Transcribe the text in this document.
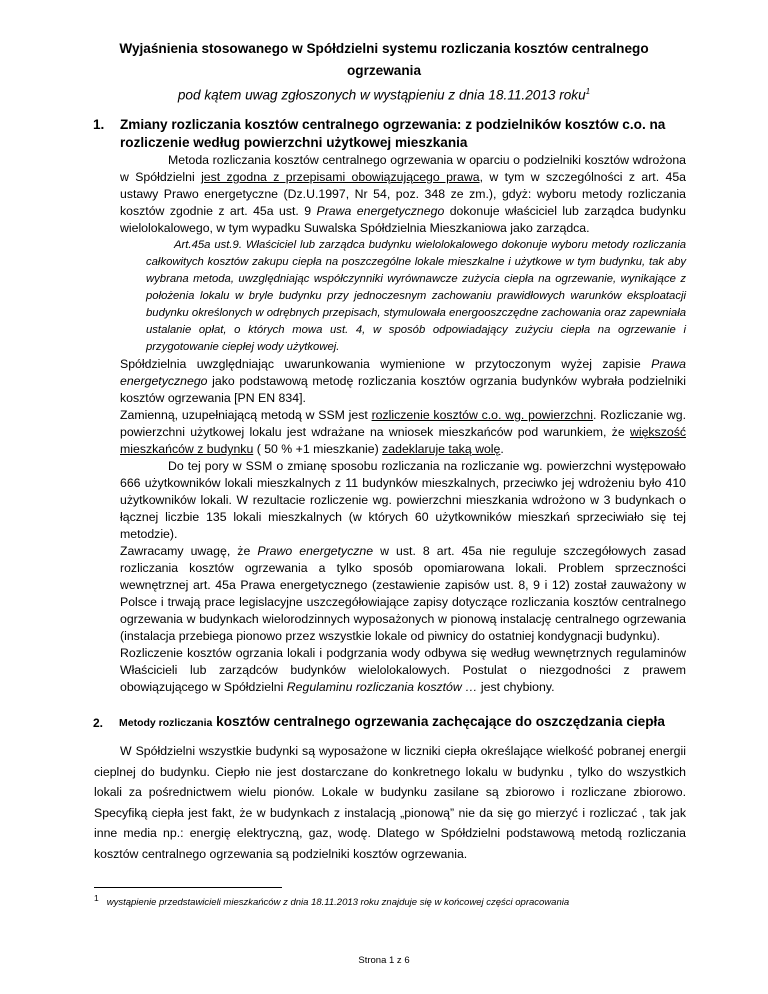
Wyjaśnienia stosowanego w Spółdzielni systemu rozliczania kosztów centralnego
ogrzewania
pod kątem uwag zgłoszonych w wystąpieniu z dnia 18.11.2013 roku$^1$
1.	Zmiany rozliczania kosztów centralnego ogrzewania: z podzielników kosztów c.o. na rozliczenie według powierzchni użytkowej mieszkania

Metoda rozliczania kosztów centralnego ogrzewania w oparciu o podzielniki kosztów wdrożona w Spółdzielni jest zgodna z przepisami obowiązującego prawa, w tym w szczególności z art. 45a ustawy Prawo energetyczne (Dz.U.1997, Nr 54, poz. 348 ze zm.), gdyż: wyboru metody rozliczania kosztów zgodnie z art. 45a ust. 9 Prawa energetycznego dokonuje właściciel lub zarządca budynku wielolokalowego, w tym wypadku Suwalska Spółdzielnia Mieszkaniowa jako zarządca.

Art.45a ust.9. Właściciel lub zarządca budynku wielolokalowego dokonuje wyboru metody rozliczania całkowitych kosztów zakupu ciepła na poszczególne lokale mieszkalne i użytkowe w tym budynku, tak aby wybrana metoda, uwzględniając współczynniki wyrównawcze zużycia ciepła na ogrzewanie, wynikające z położenia lokalu w bryle budynku przy jednoczesnym zachowaniu prawidłowych warunków eksploatacji budynku określonych w odrębnych przepisach, stymulowała energooszczędne zachowania oraz zapewniała ustalanie opłat, o których mowa ust. 4, w sposób odpowiadający zużyciu ciepła na ogrzewanie i przygotowanie ciepłej wody użytkowej.

Spółdzielnia uwzględniając uwarunkowania wymienione w przytoczonym wyżej zapisie Prawa energetycznego jako podstawową metodę rozliczania kosztów ogrzania budynków wybrała podzielniki kosztów ogrzewania [PN EN 834].

Zamienną, uzupełniającą metodą w SSM jest rozliczenie kosztów c.o. wg. powierzchni. Rozliczanie wg. powierzchni użytkowej lokalu jest wdrażane na wniosek mieszkańców pod warunkiem, że większość mieszkańców z budynku ( 50 % +1 mieszkanie) zadeklaruje taką wolę.

Do tej pory w SSM o zmianę sposobu rozliczania na rozliczanie wg. powierzchni występowało 666 użytkowników lokali mieszkalnych z 11 budynków mieszkalnych, przeciwko jej wdrożeniu było 410 użytkowników lokali. W rezultacie rozliczenie wg. powierzchni mieszkania wdrożono w 3 budynkach o łącznej liczbie 135 lokali mieszkalnych (w których 60 użytkowników mieszkań sprzeciwiało się tej metodzie).

Zawracamy uwagę, że Prawo energetyczne w ust. 8 art. 45a nie reguluje szczegółowych zasad rozliczania kosztów ogrzewania a tylko sposób opomiarowana lokali. Problem sprzeczności wewnętrznej art. 45a Prawa energetycznego (zestawienie zapisów ust. 8, 9 i 12) został zauważony w Polsce i trwają prace legislacyjne uszczegółowiające zapisy dotyczące rozliczania kosztów centralnego ogrzewania w budynkach wielorodzinnych wyposażonych w pionową instalację centralnego ogrzewania (instalacja przebiega pionowo przez wszystkie lokale od piwnicy do ostatniej kondygnacji budynku).

Rozliczenie kosztów ogrzania lokali i podgrzania wody odbywa się według wewnętrznych regulaminów Właścicieli lub zarządców budynków wielolokalowych. Postulat o niezgodności z prawem obowiązującego w Spółdzielni Regulaminu rozliczania kosztów … jest chybiony.

2.	Metody rozliczania kosztów centralnego ogrzewania zachęcające do oszczędzania ciepła

W Spółdzielni wszystkie budynki są wyposażone w liczniki ciepła określające wielkość pobranej energii cieplnej do budynku. Ciepło nie jest dostarczane do konkretnego lokalu w budynku , tylko do wszystkich lokali za pośrednictwem wielu pionów. Lokale w budynku zasilane są zbiorowo i rozliczane zbiorowo. Specyfiką ciepła jest fakt, że w budynkach z instalacją „pionową” nie da się go mierzyć i rozliczać , tak jak inne media np.: energię elektryczną, gaz, wodę. Dlatego w Spółdzielni podstawową metodą rozliczania kosztów centralnego ogrzewania są podzielniki kosztów ogrzewania.

$^1$ wystąpienie przedstawicieli mieszkańców z dnia 18.11.2013 roku znajduje się w końcowej części opracowania
Strona 1 z 6
